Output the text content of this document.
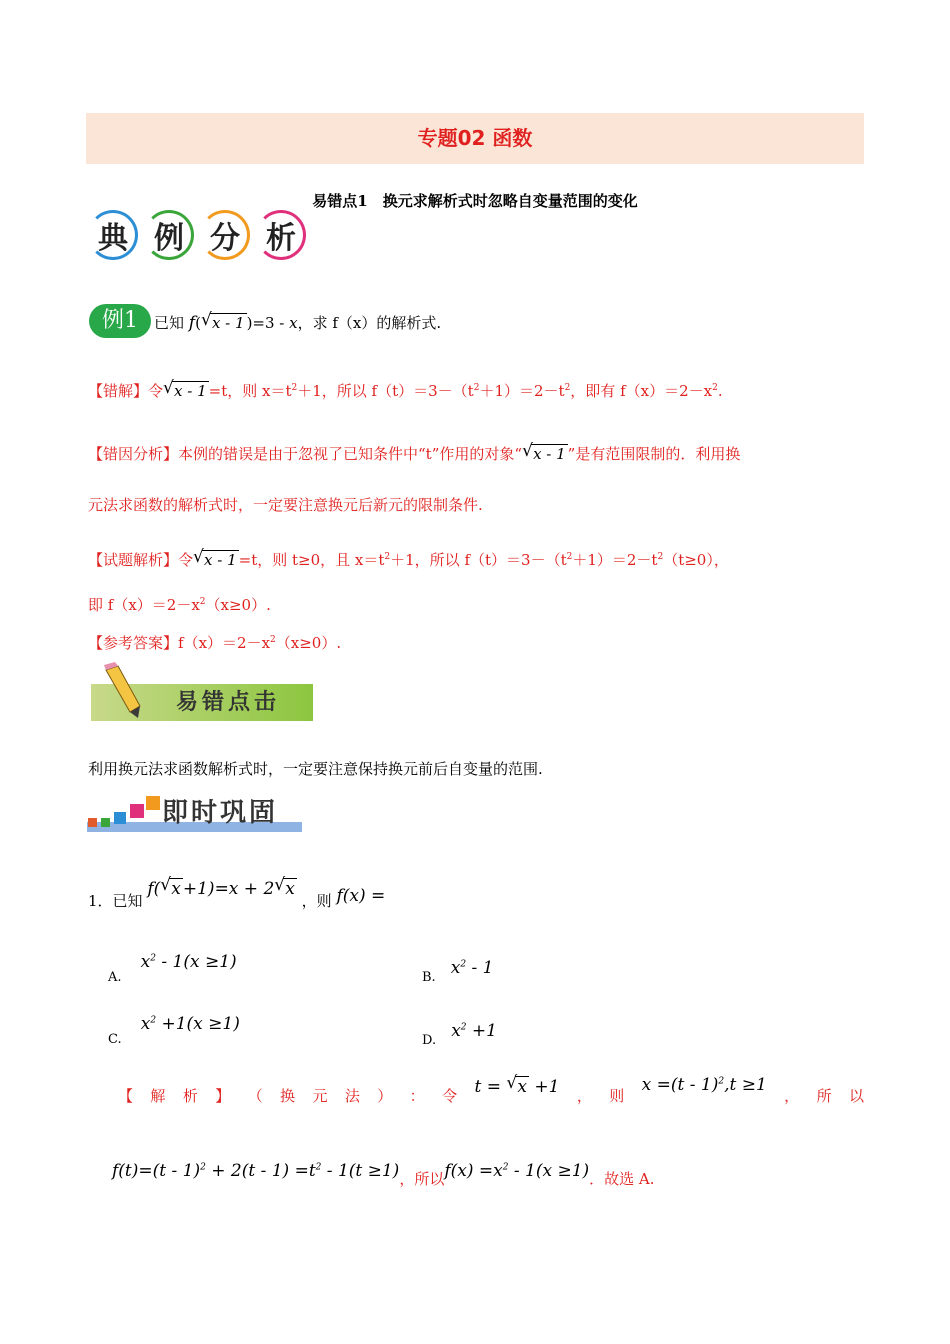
专题02 函数
易错点1　换元求解析式时忽略自变量范围的变化
典 例 分 析
例1	已知 f( √ x - 1 )=3 - x，求 f（x）的解析式.
【错解】令 √ x - 1 =t，则 $x=t^2+1$，所以 $f(t)=3-(t^2+1)=2-t^2$，即有 $f(x)=2-x^2$.
【错因分析】本例的错误是由于忽视了已知条件中“t”作用的对象“ √ x - 1 ”是有范围限制的．利用换
元法求函数的解析式时，一定要注意换元后新元的限制条件.
【试题解析】令 √ x - 1 =t，则 t≥0，且 $x=t^2+1$，所以 $f(t)=3-(t^2+1)=2-t^2(t\ge 0)$，
即 $f(x)=2-x^2(x\ge 0)$.
【参考答案】$f(x)=2-x^2(x\ge 0)$.
易错点击
利用换元法求函数解析式时，一定要注意保持换元前后自变量的范围.
即时巩固
1．已知 f( √ x +1)=x + 2 √ x ，则 f(x) =
$_{A.}$ $x^2 - 1(x \ge 1)$
$_{B.}$ $x^2 - 1$
$_{C.}$ $x^2 +1(x \ge 1)$
$_{D.}$ $x^2 +1$
【 解 析 】 （ 换 元 法 ） ： 令 t = √ x +1 ， 则
x =(t - 1)$^2$,t ≥1
， 所 以
$f(t)=(t - 1)^2 + 2(t - 1) =t^2 - 1(t \ge 1)$，所以$f(x) =x^2 - 1(x \ge 1)$．故选 A.
